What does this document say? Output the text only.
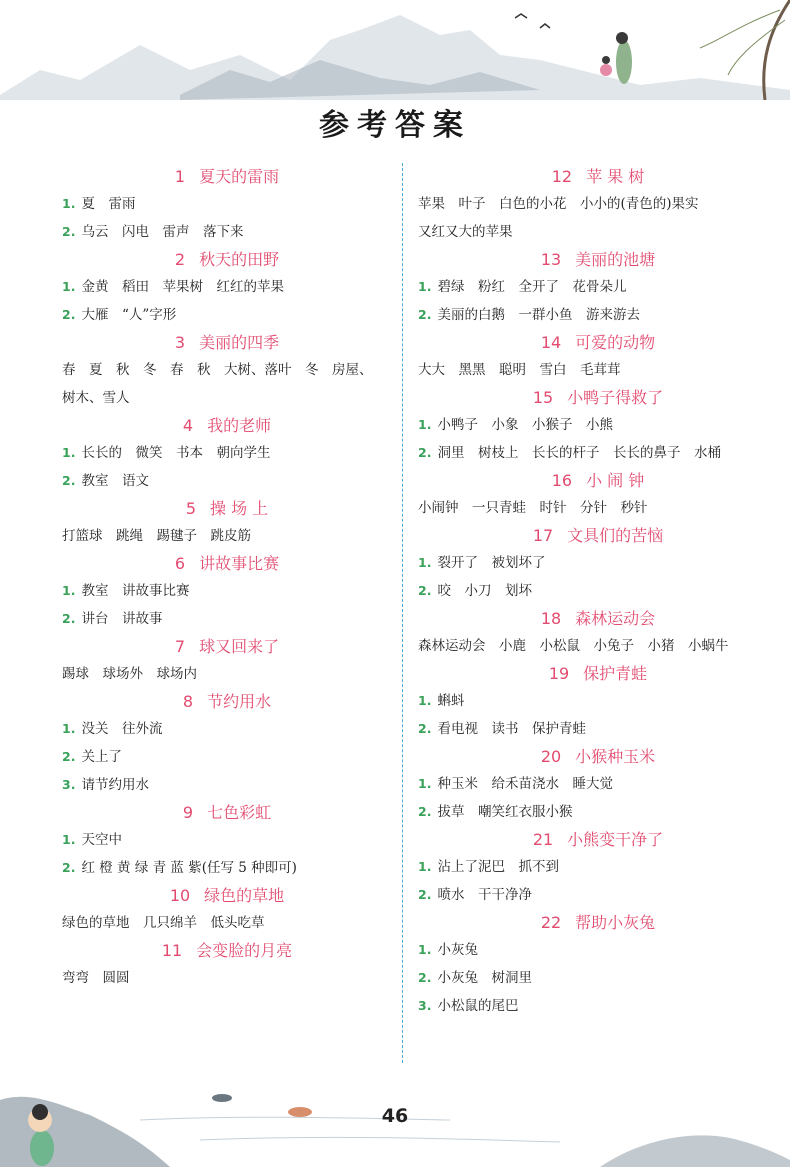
参考答案
1 夏天的雷雨
1. 夏　雷雨
2. 乌云　闪电　雷声　落下来
2 秋天的田野
1. 金黄　稻田　苹果树　红红的苹果
2. 大雁　“人”字形
3 美丽的四季
春　夏　秋　冬　春　秋　大树、落叶　冬　房屋、
树木、雪人
4 我的老师
1. 长长的　微笑　书本　朝向学生
2. 教室　语文
5 操 场 上
打篮球　跳绳　踢毽子　跳皮筋
6 讲故事比赛
1. 教室　讲故事比赛
2. 讲台　讲故事
7 球又回来了
踢球　球场外　球场内
8 节约用水
1. 没关　往外流
2. 关上了
3. 请节约用水
9 七色彩虹
1. 天空中
2. 红 橙 黄 绿 青 蓝 紫(任写 5 种即可)
10 绿色的草地
绿色的草地　几只绵羊　低头吃草
11 会变脸的月亮
弯弯　圆圆
12 苹 果 树
苹果　叶子　白色的小花　小小的(青色的)果实
又红又大的苹果
13 美丽的池塘
1. 碧绿　粉红　全开了　花骨朵儿
2. 美丽的白鹅　一群小鱼　游来游去
14 可爱的动物
大大　黑黑　聪明　雪白　毛茸茸
15 小鸭子得救了
1. 小鸭子　小象　小猴子　小熊
2. 洞里　树枝上　长长的杆子　长长的鼻子　水桶
16 小 闹 钟
小闹钟　一只青蛙　时针　分针　秒针
17 文具们的苦恼
1. 裂开了　被划坏了
2. 咬　小刀　划坏
18 森林运动会
森林运动会　小鹿　小松鼠　小兔子　小猪　小蜗牛
19 保护青蛙
1. 蝌蚪
2. 看电视　读书　保护青蛙
20 小猴种玉米
1. 种玉米　给禾苗浇水　睡大觉
2. 拔草　嘲笑红衣服小猴
21 小熊变干净了
1. 沾上了泥巴　抓不到
2. 喷水　干干净净
22 帮助小灰兔
1. 小灰兔
2. 小灰兔　树洞里
3. 小松鼠的尾巴
46
